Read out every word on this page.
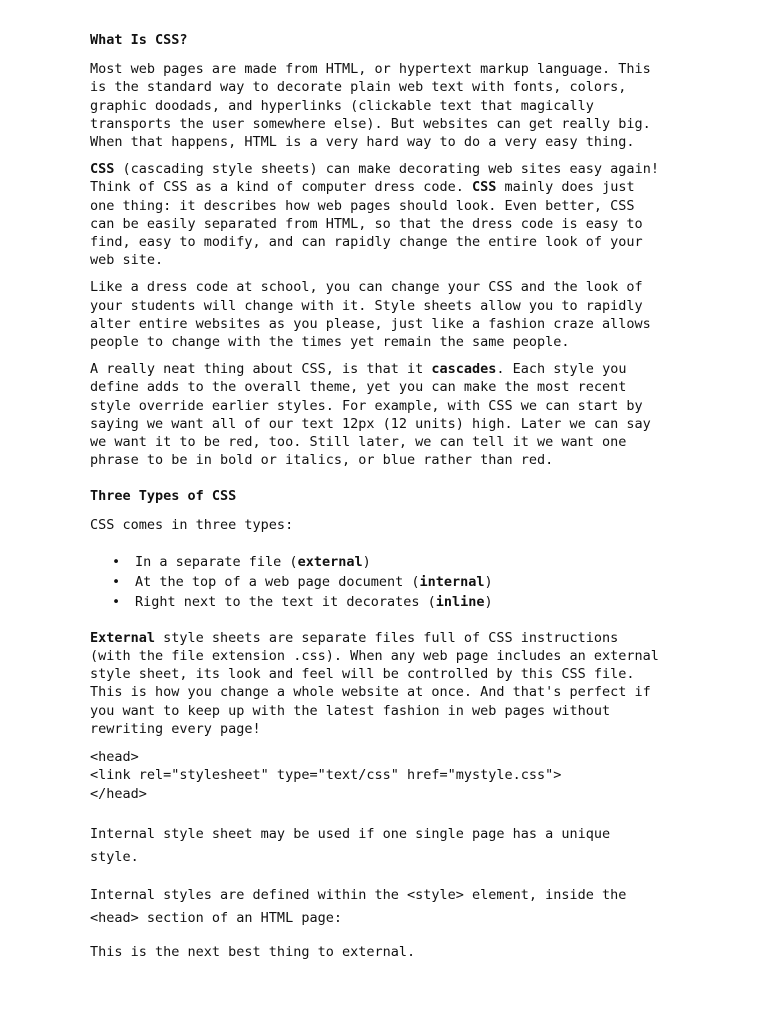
What Is CSS?

Most web pages are made from HTML, or hypertext markup language. This
is the standard way to decorate plain web text with fonts, colors,
graphic doodads, and hyperlinks (clickable text that magically
transports the user somewhere else). But websites can get really big.
When that happens, HTML is a very hard way to do a very easy thing.

CSS (cascading style sheets) can make decorating web sites easy again!
Think of CSS as a kind of computer dress code. CSS mainly does just
one thing: it describes how web pages should look. Even better, CSS
can be easily separated from HTML, so that the dress code is easy to
find, easy to modify, and can rapidly change the entire look of your
web site.

Like a dress code at school, you can change your CSS and the look of
your students will change with it. Style sheets allow you to rapidly
alter entire websites as you please, just like a fashion craze allows
people to change with the times yet remain the same people.

A really neat thing about CSS, is that it cascades. Each style you
define adds to the overall theme, yet you can make the most recent
style override earlier styles. For example, with CSS we can start by
saying we want all of our text 12px (12 units) high. Later we can say
we want it to be red, too. Still later, we can tell it we want one
phrase to be in bold or italics, or blue rather than red.

Three Types of CSS

CSS comes in three types:

• In a separate file (external)
• At the top of a web page document (internal)
• Right next to the text it decorates (inline)

External style sheets are separate files full of CSS instructions
(with the file extension .css). When any web page includes an external
style sheet, its look and feel will be controlled by this CSS file.
This is how you change a whole website at once. And that's perfect if
you want to keep up with the latest fashion in web pages without
rewriting every page!

<head>

<link rel="stylesheet" type="text/css" href="mystyle.css">

</head>

Internal style sheet may be used if one single page has a unique
style.

Internal styles are defined within the <style> element, inside the
<head> section of an HTML page:

This is the next best thing to external.
